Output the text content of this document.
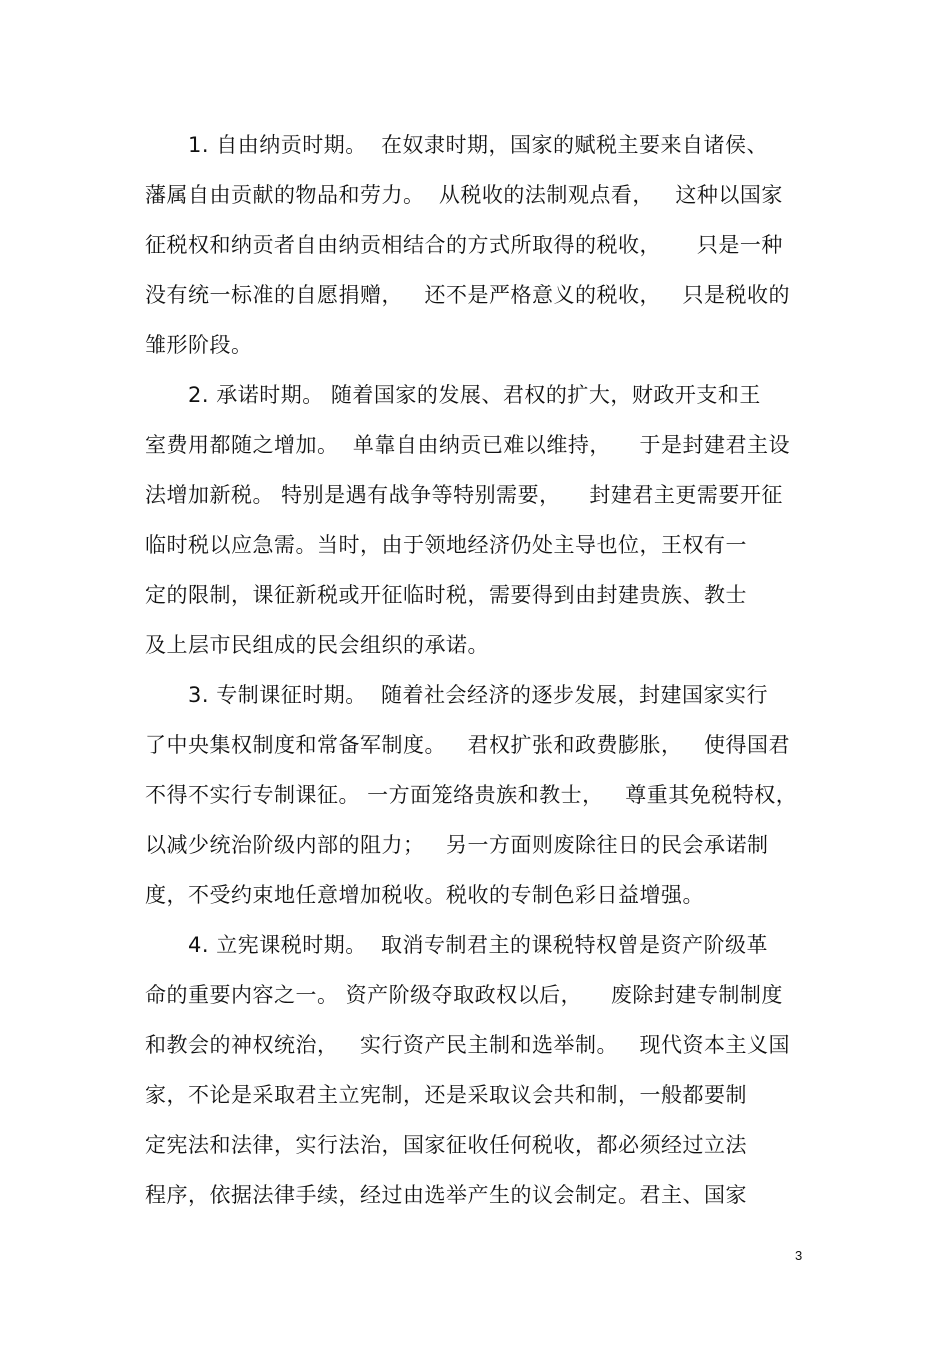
1. 自由纳贡时期。  在奴隶时期，国家的赋税主要来自诸侯、
藩属自由贡献的物品和劳力。  从税收的法制观点看，   这种以国家
征税权和纳贡者自由纳贡相结合的方式所取得的税收，     只是一种
没有统一标准的自愿捐赠，   还不是严格意义的税收，   只是税收的
雏形阶段。
2. 承诺时期。 随着国家的发展、君权的扩大，财政开支和王
室费用都随之增加。  单靠自由纳贡已难以维持，    于是封建君主设
法增加新税。 特别是遇有战争等特别需要，    封建君主更需要开征
临时税以应急需。当时，由于领地经济仍处主导也位，王权有一
定的限制，课征新税或开征临时税，需要得到由封建贵族、教士
及上层市民组成的民会组织的承诺。
3. 专制课征时期。  随着社会经济的逐步发展，封建国家实行
了中央集权制度和常备军制度。   君权扩张和政费膨胀，   使得国君
不得不实行专制课征。 一方面笼络贵族和教士，   尊重其免税特权，
以减少统治阶级内部的阻力；   另一方面则废除往日的民会承诺制
度，不受约束地任意增加税收。税收的专制色彩日益增强。
4. 立宪课税时期。  取消专制君主的课税特权曾是资产阶级革
命的重要内容之一。 资产阶级夺取政权以后，    废除封建专制制度
和教会的神权统治，   实行资产民主制和选举制。   现代资本主义国
家，不论是采取君主立宪制，还是采取议会共和制，一般都要制
定宪法和法律，实行法治，国家征收任何税收，都必须经过立法
程序，依据法律手续，经过由选举产生的议会制定。君主、国家
3
